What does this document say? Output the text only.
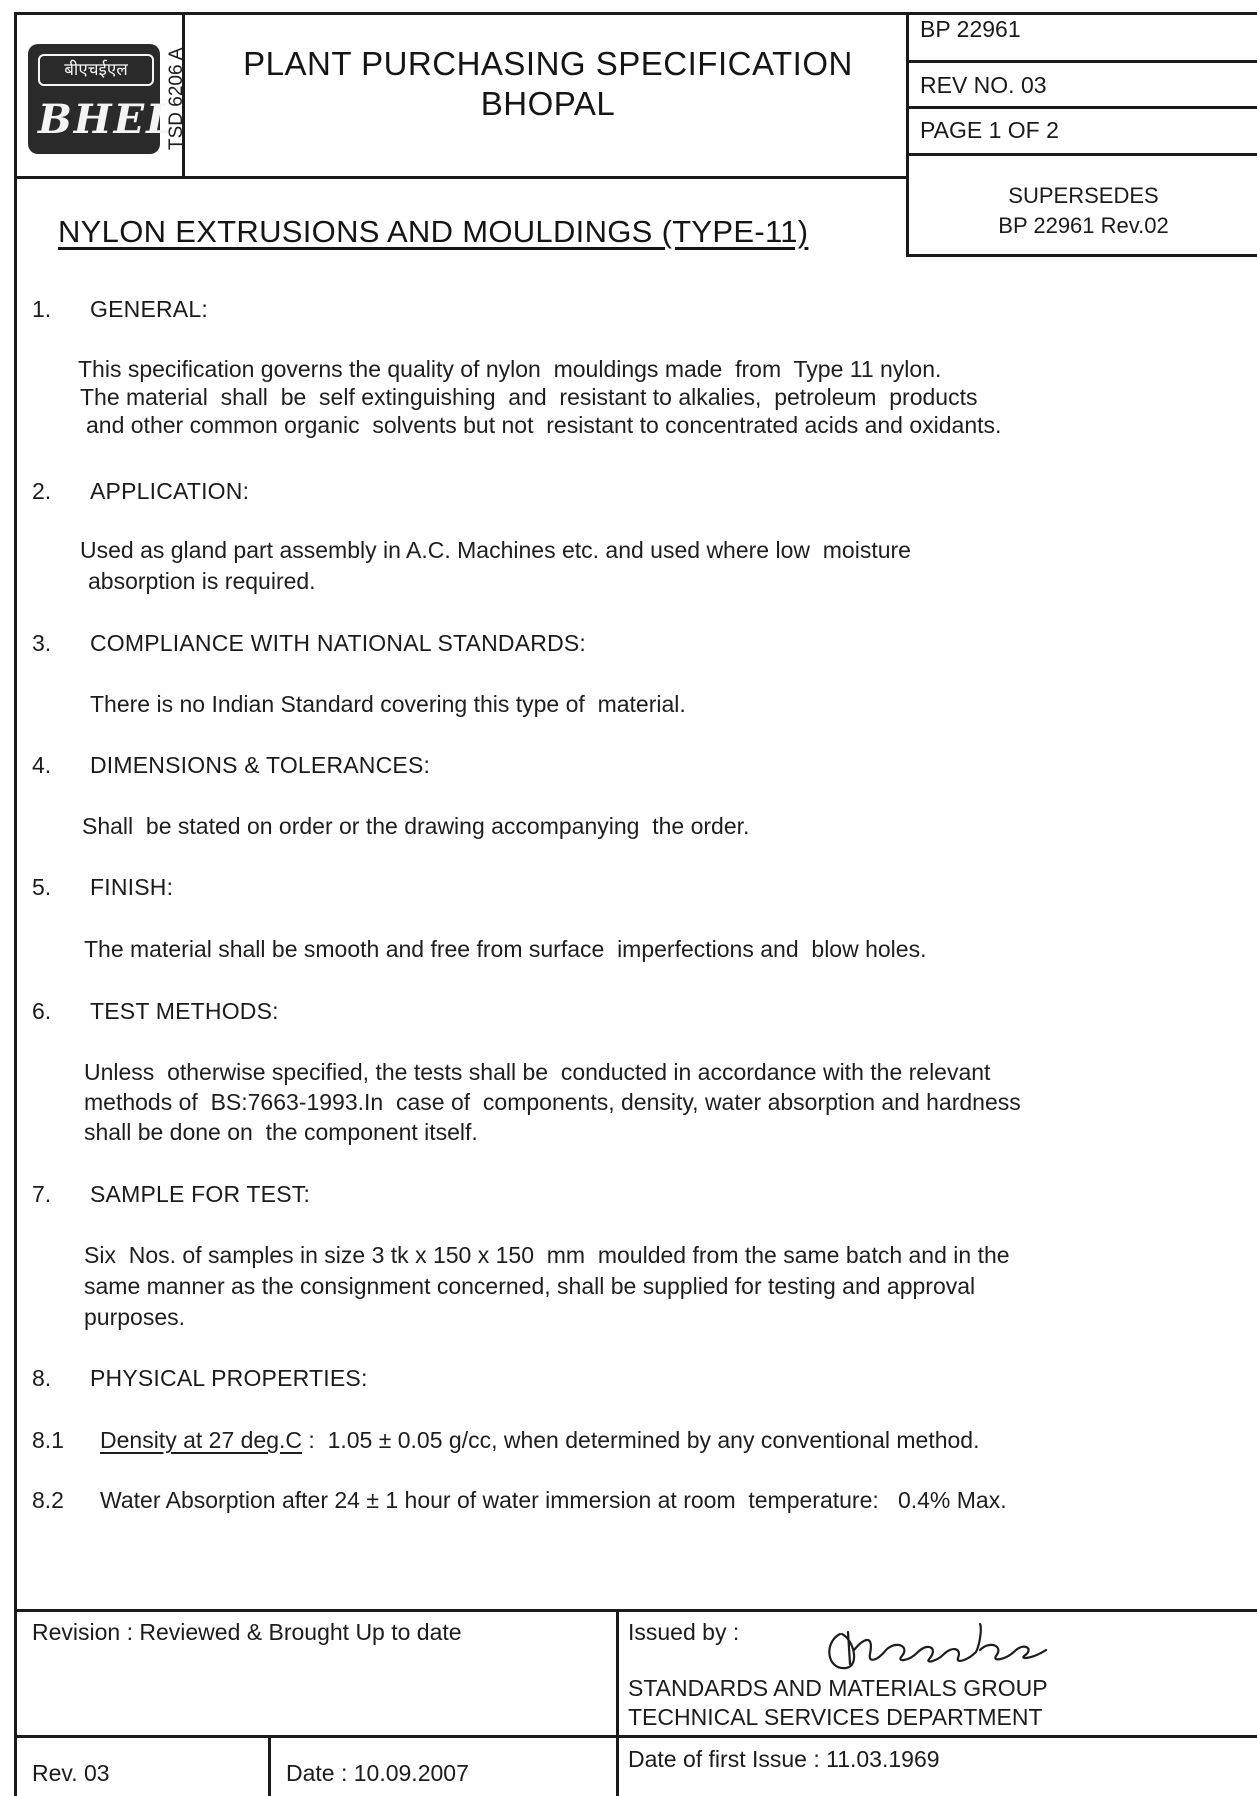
बीएचईएल
BHEL
TSD 6206 A	PLANT PURCHASING SPECIFICATION
BHOPAL
BP 22961
REV NO. 03
PAGE 1 OF 2
SUPERSEDES
BP 22961 Rev.02
NYLON EXTRUSIONS AND MOULDINGS (TYPE-11)
1. GENERAL:
This specification governs the quality of nylon  mouldings made  from  Type 11 nylon.
The material  shall  be  self extinguishing  and  resistant to alkalies,  petroleum  products
and other common organic  solvents but not  resistant to concentrated acids and oxidants.
2. APPLICATION:
Used as gland part assembly in A.C. Machines etc. and used where low  moisture
absorption is required.
3. COMPLIANCE WITH NATIONAL STANDARDS:
There is no Indian Standard covering this type of  material.
4. DIMENSIONS & TOLERANCES:
Shall  be stated on order or the drawing accompanying  the order.
5. FINISH:
The material shall be smooth and free from surface  imperfections and  blow holes.
6. TEST METHODS:
Unless  otherwise specified, the tests shall be  conducted in accordance with the relevant
methods of  BS:7663-1993.In  case of  components, density, water absorption and hardness
shall be done on  the component itself.
7. SAMPLE FOR TEST:
Six  Nos. of samples in size 3 tk x 150 x 150  mm  moulded from the same batch and in the
same manner as the consignment concerned, shall be supplied for testing and approval
purposes.
8. PHYSICAL PROPERTIES:
8.1 Density at 27 deg.C :  1.05 ± 0.05 g/cc, when determined by any conventional method.
8.2 Water Absorption after 24 ± 1 hour of water immersion at room  temperature:   0.4% Max.
Revision : Reviewed & Brought Up to date	Issued by :
STANDARDS AND MATERIALS GROUP
TECHNICAL SERVICES DEPARTMENT
Rev. 03	Date : 10.09.2007
Date of first Issue : 11.03.1969
